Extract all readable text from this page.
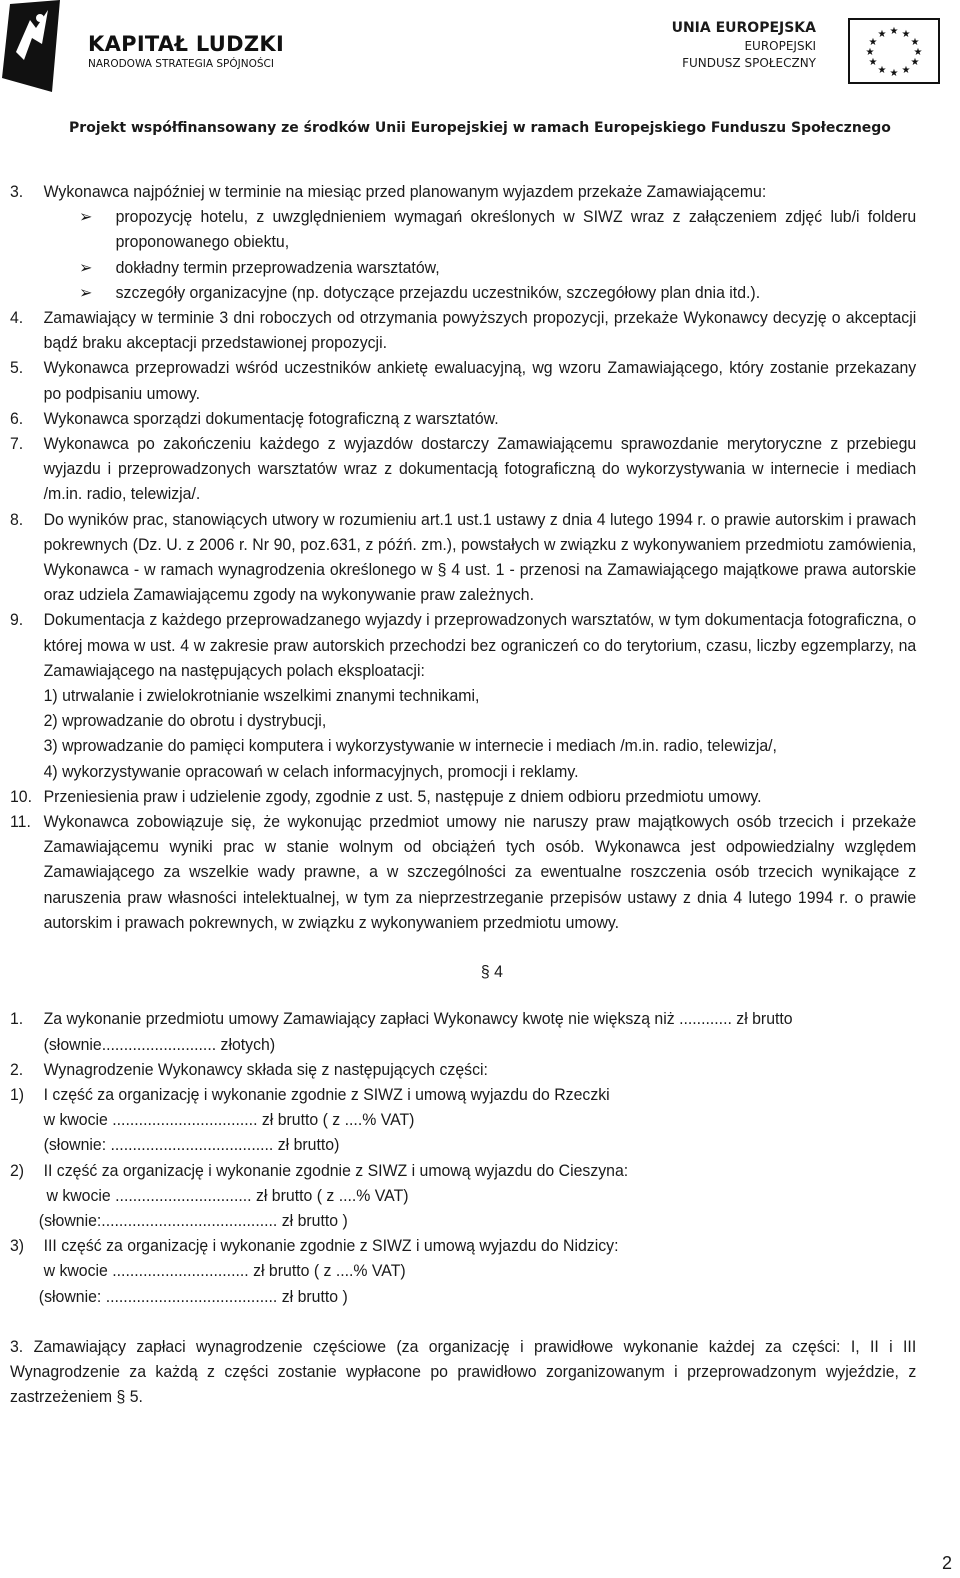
KAPITAŁ LUDZKI
NARODOWA STRATEGIA SPÓJNOŚCI
UNIA EUROPEJSKA
EUROPEJSKI
FUNDUSZ SPOŁECZNY
★ ★
★
★
★
★
★
★
★
★
★
★
Projekt współfinansowany ze środków Unii Europejskiej w ramach Europejskiego Funduszu Społecznego
3.	Wykonawca najpóźniej w terminie na miesiąc przed planowanym wyjazdem przekaże Zamawiającemu:
➢	propozycję hotelu, z uwzględnieniem wymagań określonych w SIWZ wraz z załączeniem zdjęć lub/i folderu proponowanego obiektu,
➢	dokładny termin przeprowadzenia warsztatów,
➢	szczegóły organizacyjne (np. dotyczące przejazdu uczestników, szczegółowy plan dnia itd.).
4.	Zamawiający w terminie 3 dni roboczych od otrzymania powyższych propozycji, przekaże Wykonawcy decyzję o akceptacji bądź braku akceptacji przedstawionej propozycji.
5.	Wykonawca przeprowadzi wśród uczestników ankietę ewaluacyjną, wg wzoru Zamawiającego, który zostanie przekazany po podpisaniu umowy.
6.	Wykonawca sporządzi dokumentację fotograficzną z warsztatów.
7.	Wykonawca po zakończeniu każdego z wyjazdów dostarczy Zamawiającemu sprawozdanie merytoryczne z przebiegu wyjazdu i przeprowadzonych warsztatów wraz z dokumentacją fotograficzną do wykorzystywania w internecie i mediach /m.in. radio, telewizja/.
8.	Do wyników prac, stanowiących utwory w rozumieniu art.1 ust.1 ustawy z dnia 4 lutego 1994 r. o prawie autorskim i prawach pokrewnych (Dz. U. z 2006 r. Nr 90, poz.631, z późń. zm.), powstałych w związku z wykonywaniem przedmiotu zamówienia, Wykonawca - w ramach wynagrodzenia określonego w § 4 ust. 1 - przenosi na Zamawiającego majątkowe prawa autorskie oraz udziela Zamawiającemu zgody na wykonywanie praw zależnych.
9.	Dokumentacja z każdego przeprowadzanego wyjazdy i przeprowadzonych warsztatów, w tym dokumentacja fotograficzna, o której mowa w ust. 4 w zakresie praw autorskich przechodzi bez ograniczeń co do terytorium, czasu, liczby egzemplarzy, na Zamawiającego na następujących polach eksploatacji:
1) utrwalanie i zwielokrotnianie wszelkimi znanymi technikami,
2) wprowadzanie do obrotu i dystrybucji,
3) wprowadzanie do pamięci komputera i wykorzystywanie w internecie i mediach /m.in. radio, telewizja/,
4) wykorzystywanie opracowań w celach informacyjnych, promocji i reklamy.
10. Przeniesienia praw i udzielenie zgody, zgodnie z ust. 5, następuje z dniem odbioru przedmiotu umowy.
11. Wykonawca zobowiązuje się, że wykonując przedmiot umowy nie naruszy praw majątkowych osób trzecich i przekaże Zamawiającemu wyniki prac w stanie wolnym od obciążeń tych osób. Wykonawca jest odpowiedzialny względem Zamawiającego za wszelkie wady prawne, a w szczególności za ewentualne roszczenia osób trzecich wynikające z naruszenia praw własności intelektualnej, w tym za nieprzestrzeganie przepisów ustawy z dnia 4 lutego 1994 r. o prawie autorskim i prawach pokrewnych, w związku z wykonywaniem przedmiotu umowy.
§ 4
1.	Za wykonanie przedmiotu umowy Zamawiający zapłaci Wykonawcy kwotę nie większą niż ............ zł brutto
(słownie.......................... złotych)
2.	Wynagrodzenie Wykonawcy składa się z następujących części:
1)	I część za organizację i wykonanie zgodnie z SIWZ i umową wyjazdu do Rzeczki
w kwocie ................................. zł brutto ( z ....% VAT)
(słownie: ..................................... zł brutto)
2)	II część za organizację i wykonanie zgodnie z SIWZ i umową wyjazdu do Cieszyna:
w kwocie ............................... zł brutto ( z ....% VAT)
(słownie:........................................ zł brutto )
3)	III część za organizację i wykonanie zgodnie z SIWZ i umową wyjazdu do Nidzicy:
w kwocie ............................... zł brutto ( z ....% VAT)
(słownie: ....................................... zł brutto )
3. Zamawiający zapłaci wynagrodzenie częściowe (za organizację i prawidłowe wykonanie każdej za części: I, II i III Wynagrodzenie za każdą z części zostanie wypłacone po prawidłowo zorganizowanym i przeprowadzonym wyjeździe, z zastrzeżeniem § 5.
2
